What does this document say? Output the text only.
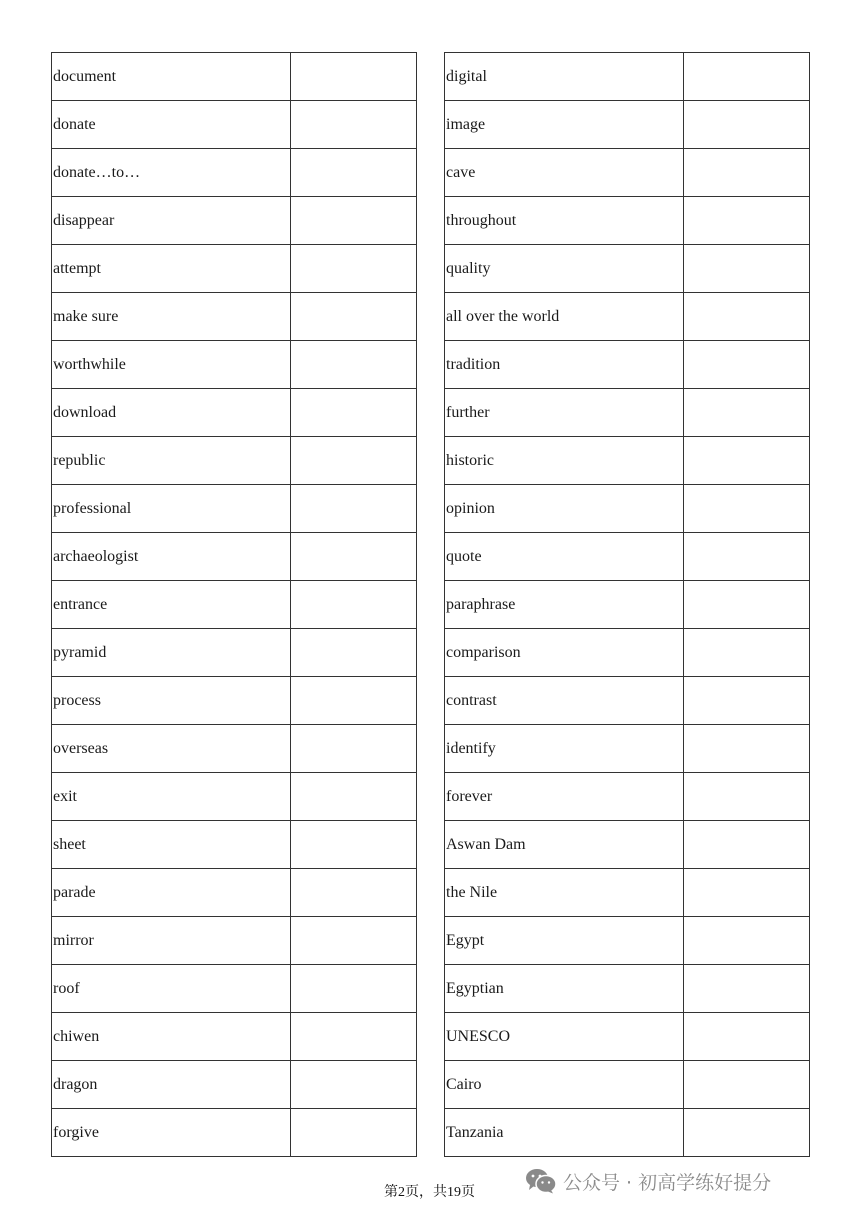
document	
donate	
donate…to…	
disappear	
attempt	
make sure	
worthwhile	
download	
republic	
professional	
archaeologist	
entrance	
pyramid	
process	
overseas	
exit	
sheet	
parade	
mirror	
roof	
chiwen	
dragon	
forgive	
digital	
image	
cave	
throughout	
quality	
all over the world	
tradition	
further	
historic	
opinion	
quote	
paraphrase	
comparison	
contrast	
identify	
forever	
Aswan Dam	
the Nile	
Egypt	
Egyptian	
UNESCO	
Cairo	
Tanzania	
第2页，共19页	公众号 · 初高学练好提分
